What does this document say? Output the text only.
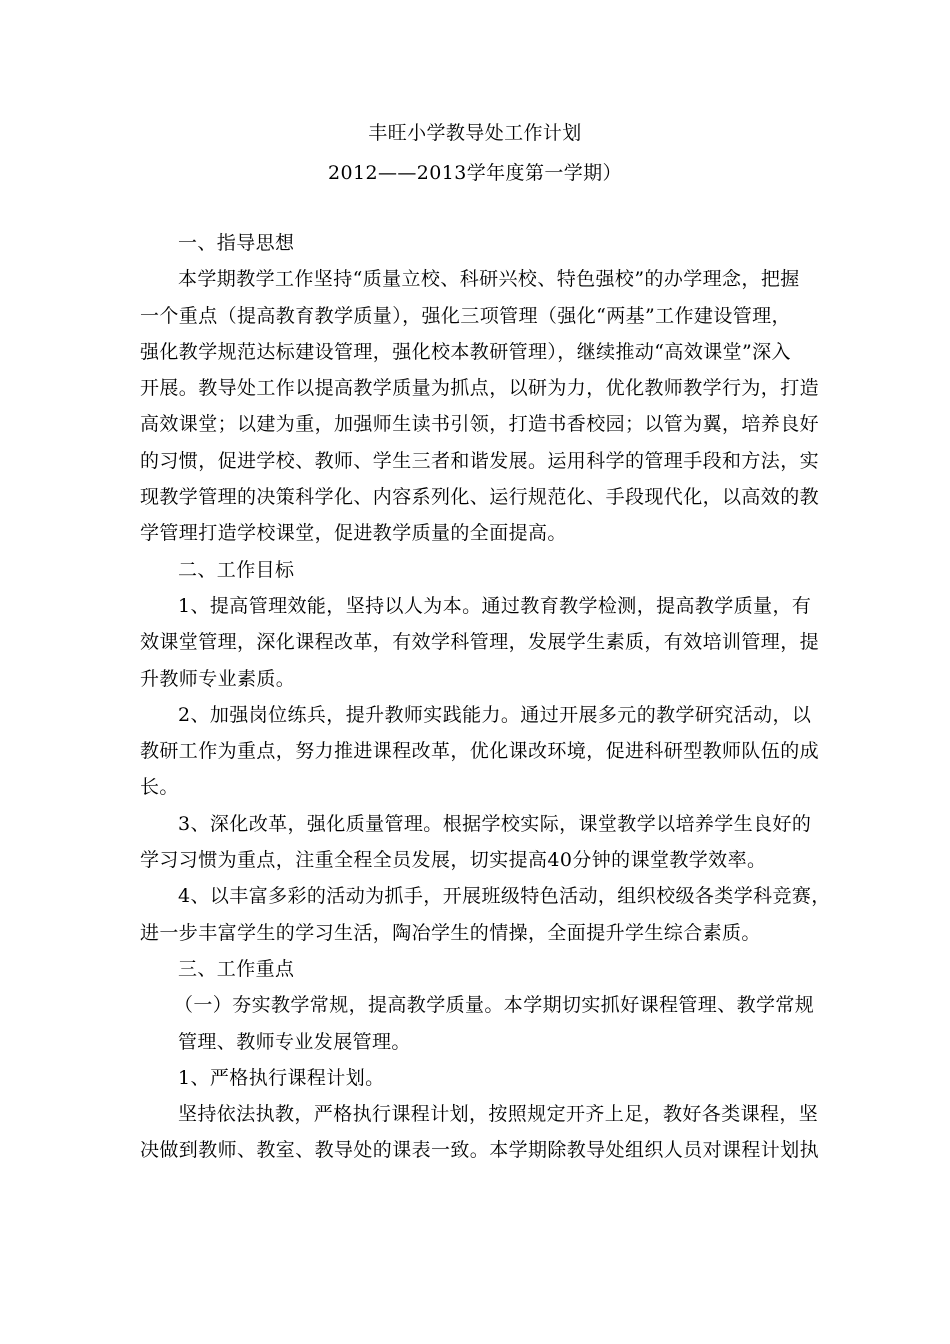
丰旺小学教导处工作计划
2012——2013学年度第一学期）
一、指导思想
本学期教学工作坚持“质量立校、科研兴校、特色强校”的办学理念，把握
一个重点（提高教育教学质量），强化三项管理（强化“两基”工作建设管理，
强化教学规范达标建设管理，强化校本教研管理），继续推动“高效课堂”深入
开展。教导处工作以提高教学质量为抓点，以研为力，优化教师教学行为，打造
高效课堂；以建为重，加强师生读书引领，打造书香校园；以管为翼，培养良好
的习惯，促进学校、教师、学生三者和谐发展。运用科学的管理手段和方法，实
现教学管理的决策科学化、内容系列化、运行规范化、手段现代化，以高效的教
学管理打造学校课堂，促进教学质量的全面提高。
二、工作目标
1、提高管理效能，坚持以人为本。通过教育教学检测，提高教学质量，有
效课堂管理，深化课程改革，有效学科管理，发展学生素质，有效培训管理，提
升教师专业素质。
2、加强岗位练兵，提升教师实践能力。通过开展多元的教学研究活动，以
教研工作为重点，努力推进课程改革，优化课改环境，促进科研型教师队伍的成
长。
3、深化改革，强化质量管理。根据学校实际，课堂教学以培养学生良好的
学习习惯为重点，注重全程全员发展，切实提高40分钟的课堂教学效率。
4、以丰富多彩的活动为抓手，开展班级特色活动，组织校级各类学科竞赛，
进一步丰富学生的学习生活，陶冶学生的情操，全面提升学生综合素质。
三、工作重点
（一）夯实教学常规，提高教学质量。本学期切实抓好课程管理、教学常规
管理、教师专业发展管理。
1、严格执行课程计划。
坚持依法执教，严格执行课程计划，按照规定开齐上足，教好各类课程，坚
决做到教师、教室、教导处的课表一致。本学期除教导处组织人员对课程计划执
